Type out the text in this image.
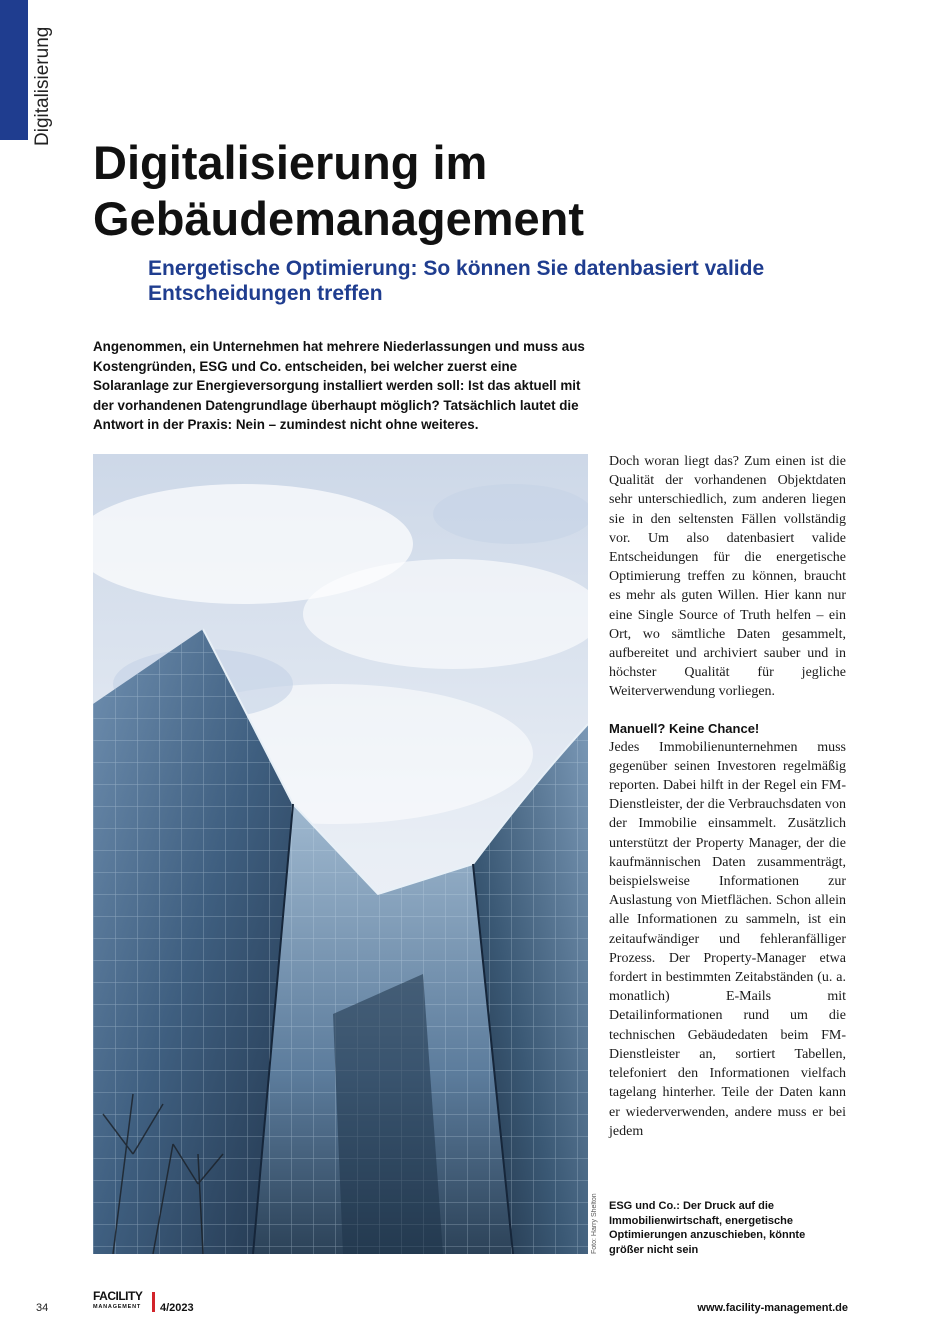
Digitalisierung
Digitalisierung im Gebäudemanagement
Energetische Optimierung: So können Sie datenbasiert valide Entscheidungen treffen

Angenommen, ein Unternehmen hat mehrere Niederlassungen und muss aus Kostengründen, ESG und Co. entscheiden, bei welcher zuerst eine Solaranlage zur Energieversorgung installiert werden soll: Ist das aktuell mit der vorhandenen Datengrundlage überhaupt möglich? Tatsächlich lautet die Antwort in der Praxis: Nein – zumindest nicht ohne weiteres.

Foto: Harry Shelton

Doch woran liegt das? Zum einen ist die Qualität der vorhandenen Objektdaten sehr unterschiedlich, zum anderen liegen sie in den seltensten Fällen vollständig vor. Um also datenbasiert valide Entscheidungen für die energetische Optimierung treffen zu können, braucht es mehr als guten Willen. Hier kann nur eine Single Source of Truth helfen – ein Ort, wo sämtliche Daten gesammelt, aufbereitet und archiviert sauber und in höchster Qualität für jegliche Weiterverwendung vorliegen.

Manuell? Keine Chance!

Jedes Immobilienunternehmen muss gegenüber seinen Investoren regelmäßig reporten. Dabei hilft in der Regel ein FM-Dienstleister, der die Verbrauchsdaten von der Immobilie einsammelt. Zusätzlich unterstützt der Property Manager, der die kaufmännischen Daten zusammenträgt, beispielsweise Informationen zur Auslastung von Mietflächen. Schon allein alle Informationen zu sammeln, ist ein zeitaufwändiger und fehleranfälliger Prozess. Der Property-Manager etwa fordert in bestimmten Zeitabständen (u. a. monatlich) E-Mails mit Detailinformationen rund um die technischen Gebäudedaten beim FM-Dienstleister an, sortiert Tabellen, telefoniert den Informationen vielfach tagelang hinterher. Teile der Daten kann er wiederverwenden, andere muss er bei jedem

ESG und Co.: Der Druck auf die Immobilienwirtschaft, energetische Optimierungen anzuschieben, könnte größer nicht sein

34
FACILITY
MANAGEMENT	4/2023	www.facility-management.de
